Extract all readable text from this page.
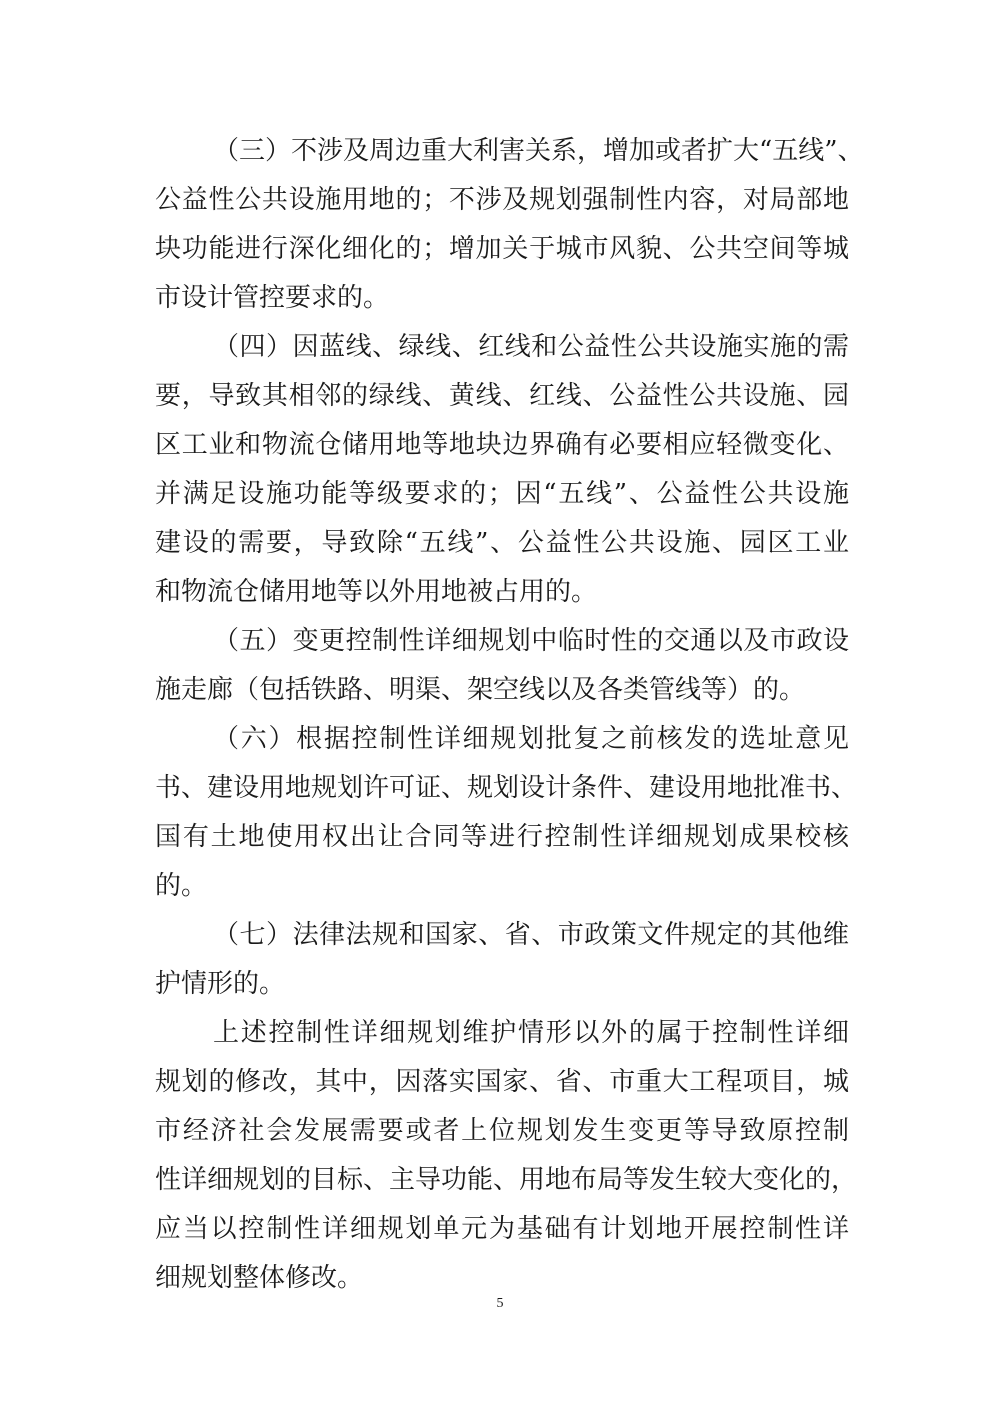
（三）不涉及周边重大利害关系，增加或者扩大“五线”、
公益性公共设施用地的；不涉及规划强制性内容，对局部地
块功能进行深化细化的；增加关于城市风貌、公共空间等城
市设计管控要求的。
（四）因蓝线、绿线、红线和公益性公共设施实施的需
要，导致其相邻的绿线、黄线、红线、公益性公共设施、园
区工业和物流仓储用地等地块边界确有必要相应轻微变化、
并满足设施功能等级要求的；因“五线”、公益性公共设施
建设的需要，导致除“五线”、公益性公共设施、园区工业
和物流仓储用地等以外用地被占用的。
（五）变更控制性详细规划中临时性的交通以及市政设
施走廊（包括铁路、明渠、架空线以及各类管线等）的。
（六）根据控制性详细规划批复之前核发的选址意见
书、建设用地规划许可证、规划设计条件、建设用地批准书、
国有土地使用权出让合同等进行控制性详细规划成果校核
的。
（七）法律法规和国家、省、市政策文件规定的其他维
护情形的。
上述控制性详细规划维护情形以外的属于控制性详细
规划的修改，其中，因落实国家、省、市重大工程项目，城
市经济社会发展需要或者上位规划发生变更等导致原控制
性详细规划的目标、主导功能、用地布局等发生较大变化的，
应当以控制性详细规划单元为基础有计划地开展控制性详
细规划整体修改。
5
